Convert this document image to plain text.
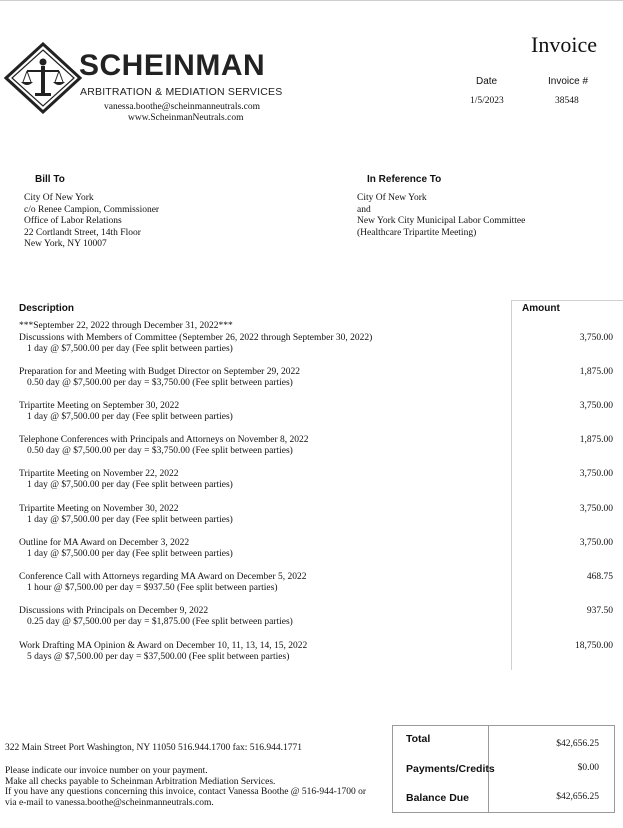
Invoice
SCHEINMAN
ARBITRATION & MEDIATION SERVICES
vanessa.boothe@scheinmanneutrals.com
www.ScheinmanNeutrals.com
Date	Invoice #
1/5/2023	38548
Bill To	In Reference To
City Of New York
c/o Renee Campion, Commissioner
Office of Labor Relations
22 Cortlandt Street, 14th Floor
New York, NY 10007
City Of New York
and
New York City Municipal Labor Committee
(Healthcare Tripartite Meeting)
Description	Amount
***September 22, 2022 through December 31, 2022***
Discussions with Members of Committee (September 26, 2022 through September 30, 2022)
1 day @ $7,500.00 per day (Fee split between parties)
3,750.00
Preparation for and Meeting with Budget Director on September 29, 2022
0.50 day @ $7,500.00 per day = $3,750.00 (Fee split between parties)
1,875.00
Tripartite Meeting on September 30, 2022
1 day @ $7,500.00 per day (Fee split between parties)
3,750.00
Telephone Conferences with Principals and Attorneys on November 8, 2022
0.50 day @ $7,500.00 per day = $3,750.00 (Fee split between parties)
1,875.00
Tripartite Meeting on November 22, 2022
1 day @ $7,500.00 per day (Fee split between parties)
3,750.00
Tripartite Meeting on November 30, 2022
1 day @ $7,500.00 per day (Fee split between parties)
3,750.00
Outline for MA Award on December 3, 2022
1 day @ $7,500.00 per day (Fee split between parties)
3,750.00
Conference Call with Attorneys regarding MA Award on December 5, 2022
1 hour @ $7,500.00 per day = $937.50 (Fee split between parties)
468.75
Discussions with Principals on December 9, 2022
0.25 day @ $7,500.00 per day = $1,875.00 (Fee split between parties)
937.50
Work Drafting MA Opinion & Award on December 10, 11, 13, 14, 15, 2022
5 days @ $7,500.00 per day = $37,500.00 (Fee split between parties)
18,750.00
322 Main Street Port Washington, NY 11050 516.944.1700 fax: 516.944.1771
Please indicate our invoice number on your payment.
Make all checks payable to Scheinman Arbitration Mediation Services.
If you have any questions concerning this invoice, contact Vanessa Boothe @ 516-944-1700 or
via e-mail to vanessa.boothe@scheinmanneutrals.com.
Total	$42,656.25
Payments/Credits	$0.00
Balance Due	$42,656.25
